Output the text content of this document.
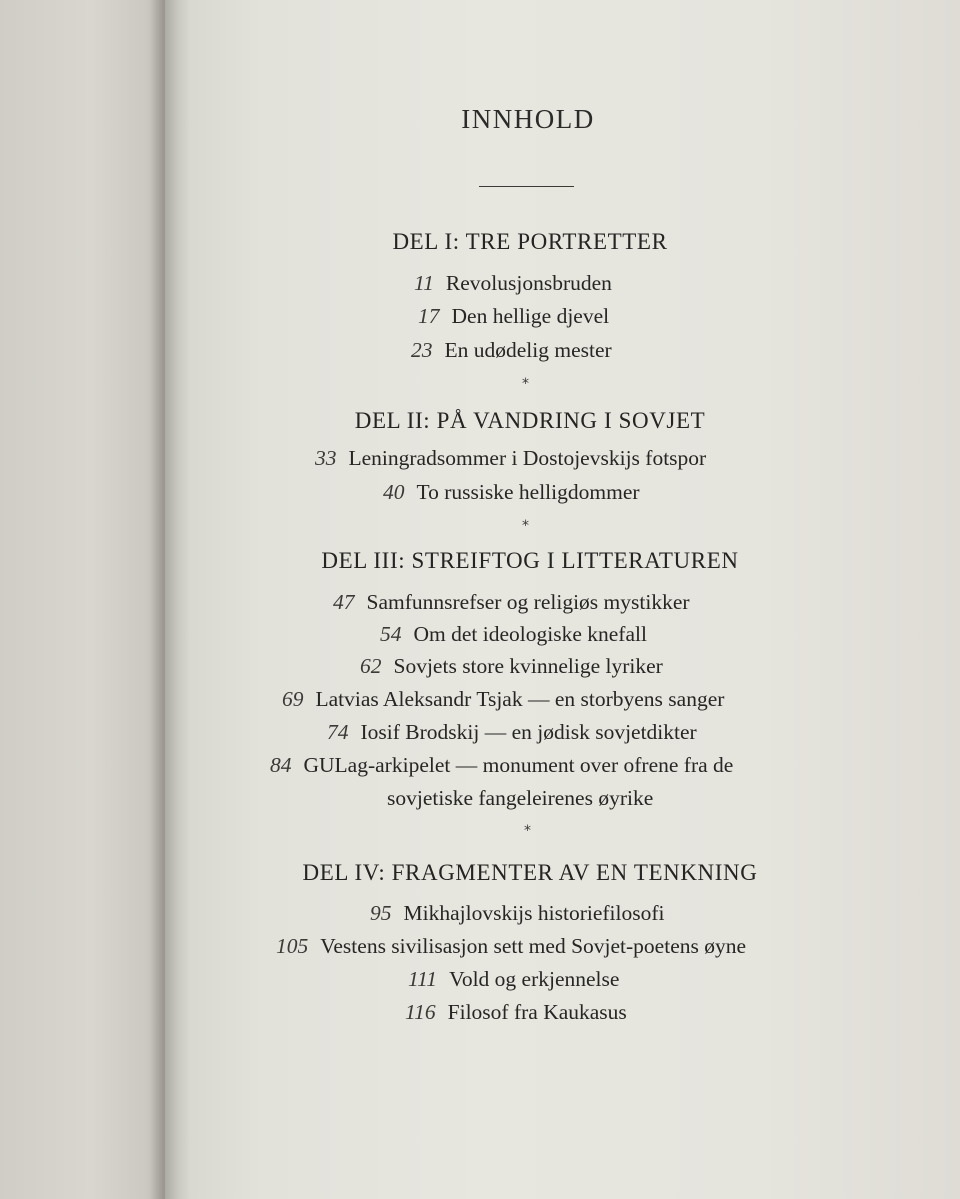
INNHOLD
DEL I: TRE PORTRETTER
11 Revolusjonsbruden
17 Den hellige djevel
23 En udødelig mester
*
DEL II: PÅ VANDRING I SOVJET
33 Leningradsommer i Dostojevskijs fotspor
40 To russiske helligdommer
*
DEL III: STREIFTOG I LITTERATUREN
47 Samfunnsrefser og religiøs mystikker
54 Om det ideologiske knefall
62 Sovjets store kvinnelige lyriker
69 Latvias Aleksandr Tsjak — en storbyens sanger
74 Iosif Brodskij — en jødisk sovjetdikter
84 GULag-arkipelet — monument over ofrene fra de
sovjetiske fangeleirenes øyrike
*
DEL IV: FRAGMENTER AV EN TENKNING
95 Mikhajlovskijs historiefilosofi
105 Vestens sivilisasjon sett med Sovjet-poetens øyne
111 Vold og erkjennelse
116 Filosof fra Kaukasus
